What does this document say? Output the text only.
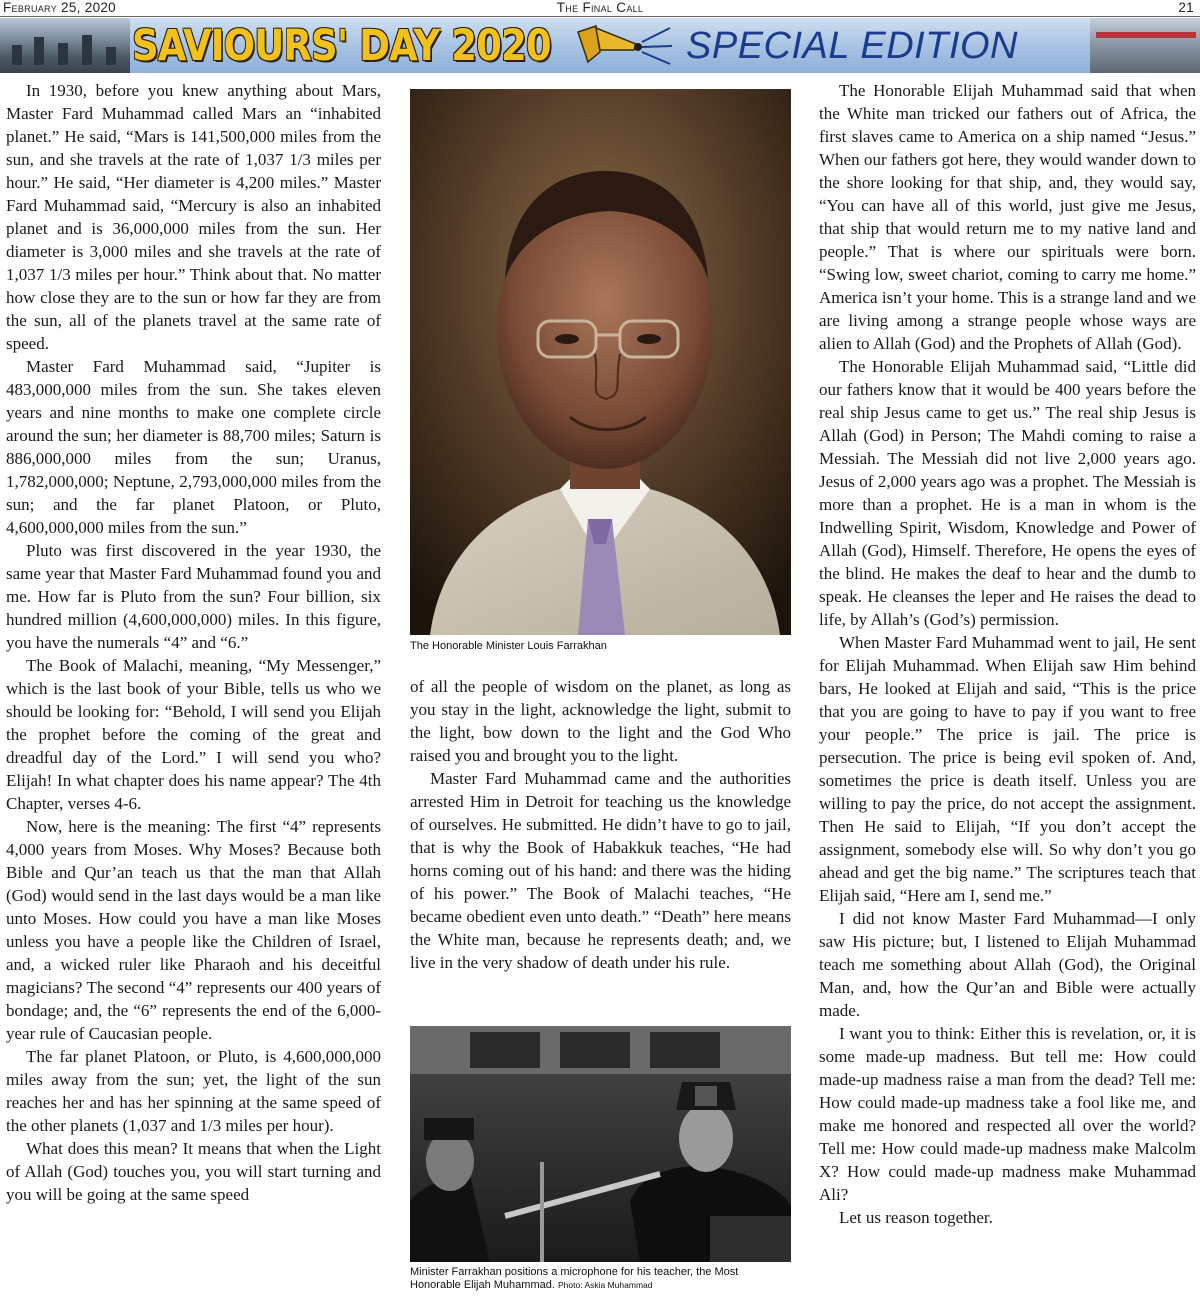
The Final Call
February 25, 2020	21
SAVIOURS' DAY 2020	SPECIAL EDITION

In 1930, before you knew anything about Mars, Master Fard Muhammad called Mars an “inhabited planet.” He said, “Mars is 141,500,000 miles from the sun, and she travels at the rate of 1,037 1/3 miles per hour.” He said, “Her diameter is 4,200 miles.” Master Fard Muhammad said, “Mercury is also an inhabited planet and is 36,000,000 miles from the sun. Her diameter is 3,000 miles and she travels at the rate of 1,037 1/3 miles per hour.” Think about that. No matter how close they are to the sun or how far they are from the sun, all of the planets travel at the same rate of speed.

Master Fard Muhammad said, “Jupiter is 483,000,000 miles from the sun. She takes eleven years and nine months to make one complete circle around the sun; her diameter is 88,700 miles; Saturn is 886,000,000 miles from the sun; Uranus, 1,782,000,000; Neptune, 2,793,000,000 miles from the sun; and the far planet Platoon, or Pluto, 4,600,000,000 miles from the sun.”

Pluto was first discovered in the year 1930, the same year that Master Fard Muhammad found you and me. How far is Pluto from the sun? Four billion, six hundred million (4,600,000,000) miles. In this figure, you have the numerals “4” and “6.”

The Book of Malachi, meaning, “My Messenger,” which is the last book of your Bible, tells us who we should be looking for: “Behold, I will send you Elijah the prophet before the coming of the great and dreadful day of the Lord.” I will send you who? Elijah! In what chapter does his name appear? The 4th Chapter, verses 4-6.

Now, here is the meaning: The first “4” represents 4,000 years from Moses. Why Moses? Because both Bible and Qur’an teach us that the man that Allah (God) would send in the last days would be a man like unto Moses. How could you have a man like Moses unless you have a people like the Children of Israel, and, a wicked ruler like Pharaoh and his deceitful magicians? The second “4” represents our 400 years of bondage; and, the “6” represents the end of the 6,000-year rule of Caucasian people.

The far planet Platoon, or Pluto, is 4,600,000,000 miles away from the sun; yet, the light of the sun reaches her and has her spinning at the same speed of the other planets (1,037 and 1/3 miles per hour).

What does this mean? It means that when the Light of Allah (God) touches you, you will start turning and you will be going at the same speed

The Honorable Minister Louis Farrakhan

of all the people of wisdom on the planet, as long as you stay in the light, acknowledge the light, submit to the light, bow down to the light and the God Who raised you and brought you to the light.

Master Fard Muhammad came and the authorities arrested Him in Detroit for teaching us the knowledge of ourselves. He submitted. He didn’t have to go to jail, that is why the Book of Habakkuk teaches, “He had horns coming out of his hand: and there was the hiding of his power.” The Book of Malachi teaches, “He became obedient even unto death.” “Death” here means the White man, because he represents death; and, we live in the very shadow of death under his rule.

Minister Farrakhan positions a microphone for his teacher, the Most Honorable Elijah Muhammad. Photo: Askia Muhammad

The Honorable Elijah Muhammad said that when the White man tricked our fathers out of Africa, the first slaves came to America on a ship named “Jesus.” When our fathers got here, they would wander down to the shore looking for that ship, and, they would say, “You can have all of this world, just give me Jesus, that ship that would return me to my native land and people.” That is where our spirituals were born. “Swing low, sweet chariot, coming to carry me home.” America isn’t your home. This is a strange land and we are living among a strange people whose ways are alien to Allah (God) and the Prophets of Allah (God).

The Honorable Elijah Muhammad said, “Little did our fathers know that it would be 400 years before the real ship Jesus came to get us.” The real ship Jesus is Allah (God) in Person; The Mahdi coming to raise a Messiah. The Messiah did not live 2,000 years ago. Jesus of 2,000 years ago was a prophet. The Messiah is more than a prophet. He is a man in whom is the Indwelling Spirit, Wisdom, Knowledge and Power of Allah (God), Himself. Therefore, He opens the eyes of the blind. He makes the deaf to hear and the dumb to speak. He cleanses the leper and He raises the dead to life, by Allah’s (God’s) permission.

When Master Fard Muhammad went to jail, He sent for Elijah Muhammad. When Elijah saw Him behind bars, He looked at Elijah and said, “This is the price that you are going to have to pay if you want to free your people.” The price is jail. The price is persecution. The price is being evil spoken of. And, sometimes the price is death itself. Unless you are willing to pay the price, do not accept the assignment. Then He said to Elijah, “If you don’t accept the assignment, somebody else will. So why don’t you go ahead and get the big name.” The scriptures teach that Elijah said, “Here am I, send me.”

I did not know Master Fard Muhammad—I only saw His picture; but, I listened to Elijah Muhammad teach me something about Allah (God), the Original Man, and, how the Qur’an and Bible were actually made.

I want you to think: Either this is revelation, or, it is some made-up madness. But tell me: How could made-up madness raise a man from the dead? Tell me: How could made-up madness take a fool like me, and make me honored and respected all over the world? Tell me: How could made-up madness make Malcolm X? How could made-up madness make Muhammad Ali?

Let us reason together.
